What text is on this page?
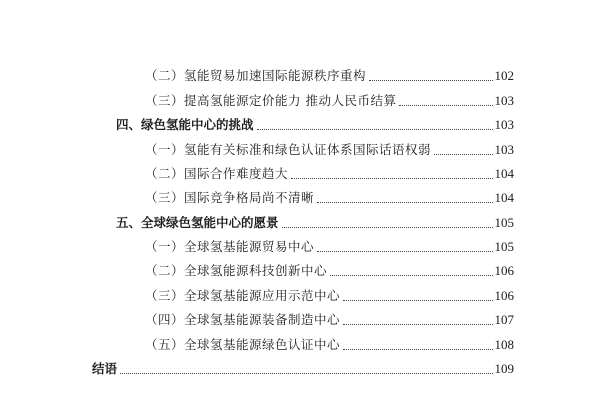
（二）氢能贸易加速国际能源秩序重构	102
（三）提高氢能源定价能力 推动人民币结算	103
四、绿色氢能中心的挑战	103
（一）氢能有关标准和绿色认证体系国际话语权弱	103
（二）国际合作难度趋大	104
（三）国际竞争格局尚不清晰	104
五、全球绿色氢能中心的愿景	105
（一）全球氢基能源贸易中心	105
（二）全球氢能源科技创新中心	106
（三）全球氢基能源应用示范中心	106
（四）全球氢基能源装备制造中心	107
（五）全球氢基能源绿色认证中心	108
结语	109
